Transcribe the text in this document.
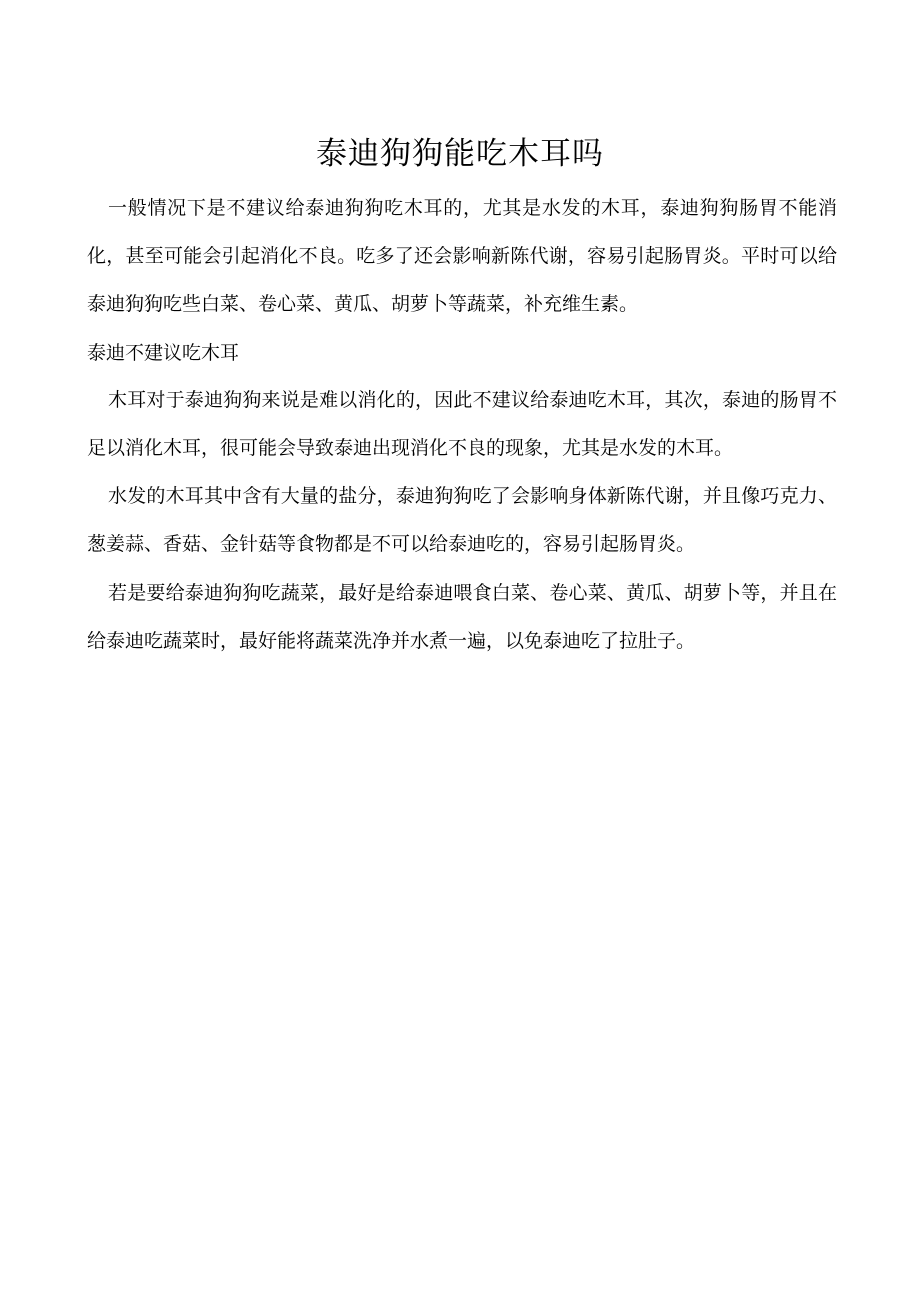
泰迪狗狗能吃木耳吗

一般情况下是不建议给泰迪狗狗吃木耳的，尤其是水发的木耳，泰迪狗狗肠胃不能消化，甚至可能会引起消化不良。吃多了还会影响新陈代谢，容易引起肠胃炎。平时可以给泰迪狗狗吃些白菜、卷心菜、黄瓜、胡萝卜等蔬菜，补充维生素。

泰迪不建议吃木耳

木耳对于泰迪狗狗来说是难以消化的，因此不建议给泰迪吃木耳，其次，泰迪的肠胃不足以消化木耳，很可能会导致泰迪出现消化不良的现象，尤其是水发的木耳。

水发的木耳其中含有大量的盐分，泰迪狗狗吃了会影响身体新陈代谢，并且像巧克力、葱姜蒜、香菇、金针菇等食物都是不可以给泰迪吃的，容易引起肠胃炎。

若是要给泰迪狗狗吃蔬菜，最好是给泰迪喂食白菜、卷心菜、黄瓜、胡萝卜等，并且在给泰迪吃蔬菜时，最好能将蔬菜洗净并水煮一遍，以免泰迪吃了拉肚子。
